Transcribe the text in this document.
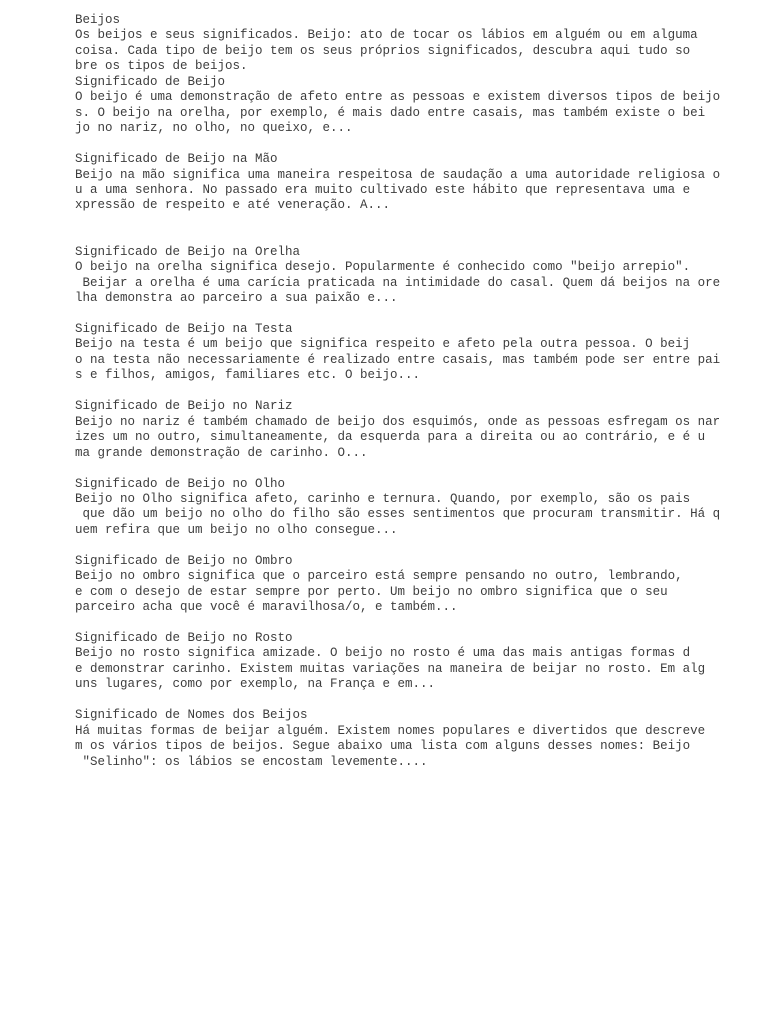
Beijos
Os beijos e seus significados. Beijo: ato de tocar os lábios em alguém ou em alguma
coisa. Cada tipo de beijo tem os seus próprios significados, descubra aqui tudo so
bre os tipos de beijos.
Significado de Beijo
O beijo é uma demonstração de afeto entre as pessoas e existem diversos tipos de beijo
s. O beijo na orelha, por exemplo, é mais dado entre casais, mas também existe o bei
jo no nariz, no olho, no queixo, e...
Significado de Beijo na Mão
Beijo na mão significa uma maneira respeitosa de saudação a uma autoridade religiosa o
u a uma senhora. No passado era muito cultivado este hábito que representava uma e
xpressão de respeito e até veneração. A...
Significado de Beijo na Orelha
O beijo na orelha significa desejo. Popularmente é conhecido como "beijo arrepio".
Beijar a orelha é uma carícia praticada na intimidade do casal. Quem dá beijos na ore
lha demonstra ao parceiro a sua paixão e...
Significado de Beijo na Testa
Beijo na testa é um beijo que significa respeito e afeto pela outra pessoa. O beij
o na testa não necessariamente é realizado entre casais, mas também pode ser entre pai
s e filhos, amigos, familiares etc. O beijo...
Significado de Beijo no Nariz
Beijo no nariz é também chamado de beijo dos esquimós, onde as pessoas esfregam os nar
izes um no outro, simultaneamente, da esquerda para a direita ou ao contrário, e é u
ma grande demonstração de carinho. O...
Significado de Beijo no Olho
Beijo no Olho significa afeto, carinho e ternura. Quando, por exemplo, são os pais
que dão um beijo no olho do filho são esses sentimentos que procuram transmitir. Há q
uem refira que um beijo no olho consegue...
Significado de Beijo no Ombro
Beijo no ombro significa que o parceiro está sempre pensando no outro, lembrando,
e com o desejo de estar sempre por perto. Um beijo no ombro significa que o seu
parceiro acha que você é maravilhosa/o, e também...
Significado de Beijo no Rosto
Beijo no rosto significa amizade. O beijo no rosto é uma das mais antigas formas d
e demonstrar carinho. Existem muitas variações na maneira de beijar no rosto. Em alg
uns lugares, como por exemplo, na França e em...
Significado de Nomes dos Beijos
Há muitas formas de beijar alguém. Existem nomes populares e divertidos que descreve
m os vários tipos de beijos. Segue abaixo uma lista com alguns desses nomes: Beijo
"Selinho": os lábios se encostam levemente....
